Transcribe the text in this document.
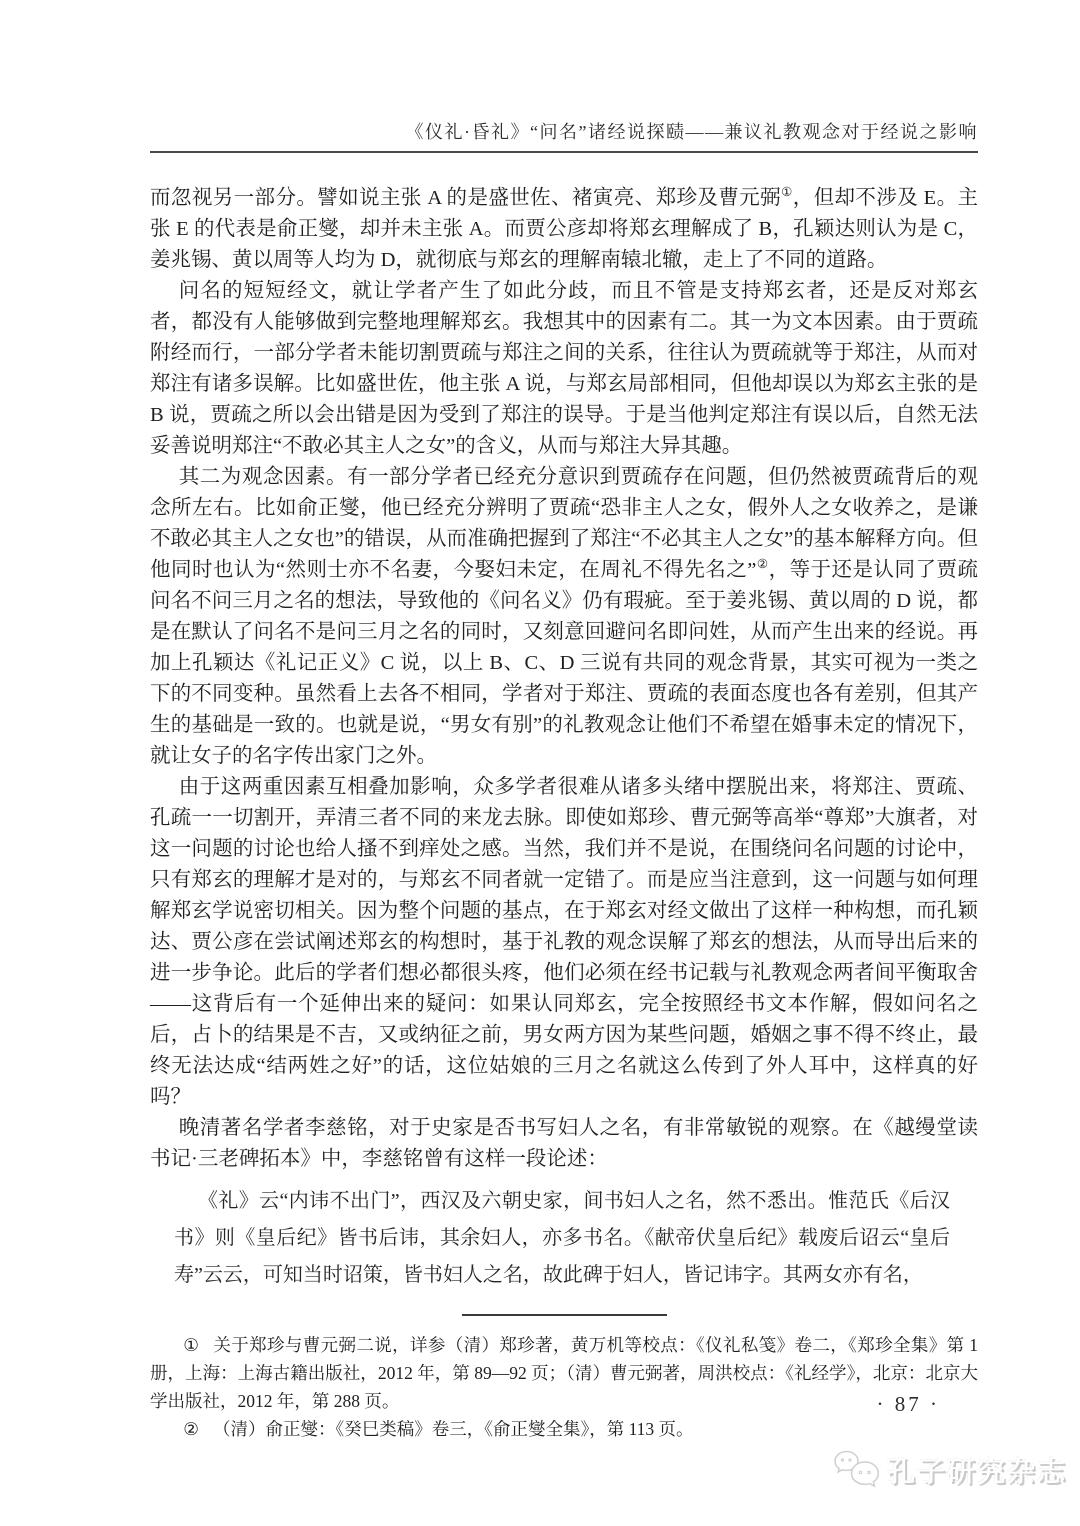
《仪礼·昏礼》“问名”诸经说探赜——兼议礼教观念对于经说之影响

而忽视另一部分。譬如说主张 A 的是盛世佐、褚寅亮、郑珍及曹元弼①，但却不涉及 E。主张 E 的代表是俞正燮，却并未主张 A。而贾公彦却将郑玄理解成了 B，孔颖达则认为是 C，姜兆锡、黄以周等人均为 D，就彻底与郑玄的理解南辕北辙，走上了不同的道路。

问名的短短经文，就让学者产生了如此分歧，而且不管是支持郑玄者，还是反对郑玄者，都没有人能够做到完整地理解郑玄。我想其中的因素有二。其一为文本因素。由于贾疏附经而行，一部分学者未能切割贾疏与郑注之间的关系，往往认为贾疏就等于郑注，从而对郑注有诸多误解。比如盛世佐，他主张 A 说，与郑玄局部相同，但他却误以为郑玄主张的是 B 说，贾疏之所以会出错是因为受到了郑注的误导。于是当他判定郑注有误以后，自然无法妥善说明郑注“不敢必其主人之女”的含义，从而与郑注大异其趣。

其二为观念因素。有一部分学者已经充分意识到贾疏存在问题，但仍然被贾疏背后的观念所左右。比如俞正燮，他已经充分辨明了贾疏“恐非主人之女，假外人之女收养之，是谦不敢必其主人之女也”的错误，从而准确把握到了郑注“不必其主人之女”的基本解释方向。但他同时也认为“然则士亦不名妻，今娶妇未定，在周礼不得先名之”②，等于还是认同了贾疏问名不问三月之名的想法，导致他的《问名义》仍有瑕疵。至于姜兆锡、黄以周的 D 说，都是在默认了问名不是问三月之名的同时，又刻意回避问名即问姓，从而产生出来的经说。再加上孔颖达《礼记正义》C 说，以上 B、C、D 三说有共同的观念背景，其实可视为一类之下的不同变种。虽然看上去各不相同，学者对于郑注、贾疏的表面态度也各有差别，但其产生的基础是一致的。也就是说，“男女有别”的礼教观念让他们不希望在婚事未定的情况下，就让女子的名字传出家门之外。

由于这两重因素互相叠加影响，众多学者很难从诸多头绪中摆脱出来，将郑注、贾疏、孔疏一一切割开，弄清三者不同的来龙去脉。即使如郑珍、曹元弼等高举“尊郑”大旗者，对这一问题的讨论也给人搔不到痒处之感。当然，我们并不是说，在围绕问名问题的讨论中，只有郑玄的理解才是对的，与郑玄不同者就一定错了。而是应当注意到，这一问题与如何理解郑玄学说密切相关。因为整个问题的基点，在于郑玄对经文做出了这样一种构想，而孔颖达、贾公彦在尝试阐述郑玄的构想时，基于礼教的观念误解了郑玄的想法，从而导出后来的进一步争论。此后的学者们想必都很头疼，他们必须在经书记载与礼教观念两者间平衡取舍——这背后有一个延伸出来的疑问：如果认同郑玄，完全按照经书文本作解，假如问名之后，占卜的结果是不吉，又或纳征之前，男女两方因为某些问题，婚姻之事不得不终止，最终无法达成“结两姓之好”的话，这位姑娘的三月之名就这么传到了外人耳中，这样真的好吗？

晚清著名学者李慈铭，对于史家是否书写妇人之名，有非常敏锐的观察。在《越缦堂读书记·三老碑拓本》中，李慈铭曾有这样一段论述：

《礼》云“内讳不出门”，西汉及六朝史家，间书妇人之名，然不悉出。惟范氏《后汉书》则《皇后纪》皆书后讳，其余妇人，亦多书名。《献帝伏皇后纪》载废后诏云“皇后寿”云云，可知当时诏策，皆书妇人之名，故此碑于妇人，皆记讳字。其两女亦有名，

① 关于郑珍与曹元弼二说，详参（清）郑珍著，黄万机等校点：《仪礼私笺》卷二，《郑珍全集》第 1 册，上海：上海古籍出版社，2012 年，第 89—92 页；（清）曹元弼著，周洪校点：《礼经学》，北京：北京大学出版社，2012 年，第 288 页。

② （清）俞正燮：《癸巳类稿》卷三，《俞正燮全集》，第 113 页。

· 87 ·
孔子研究杂志
